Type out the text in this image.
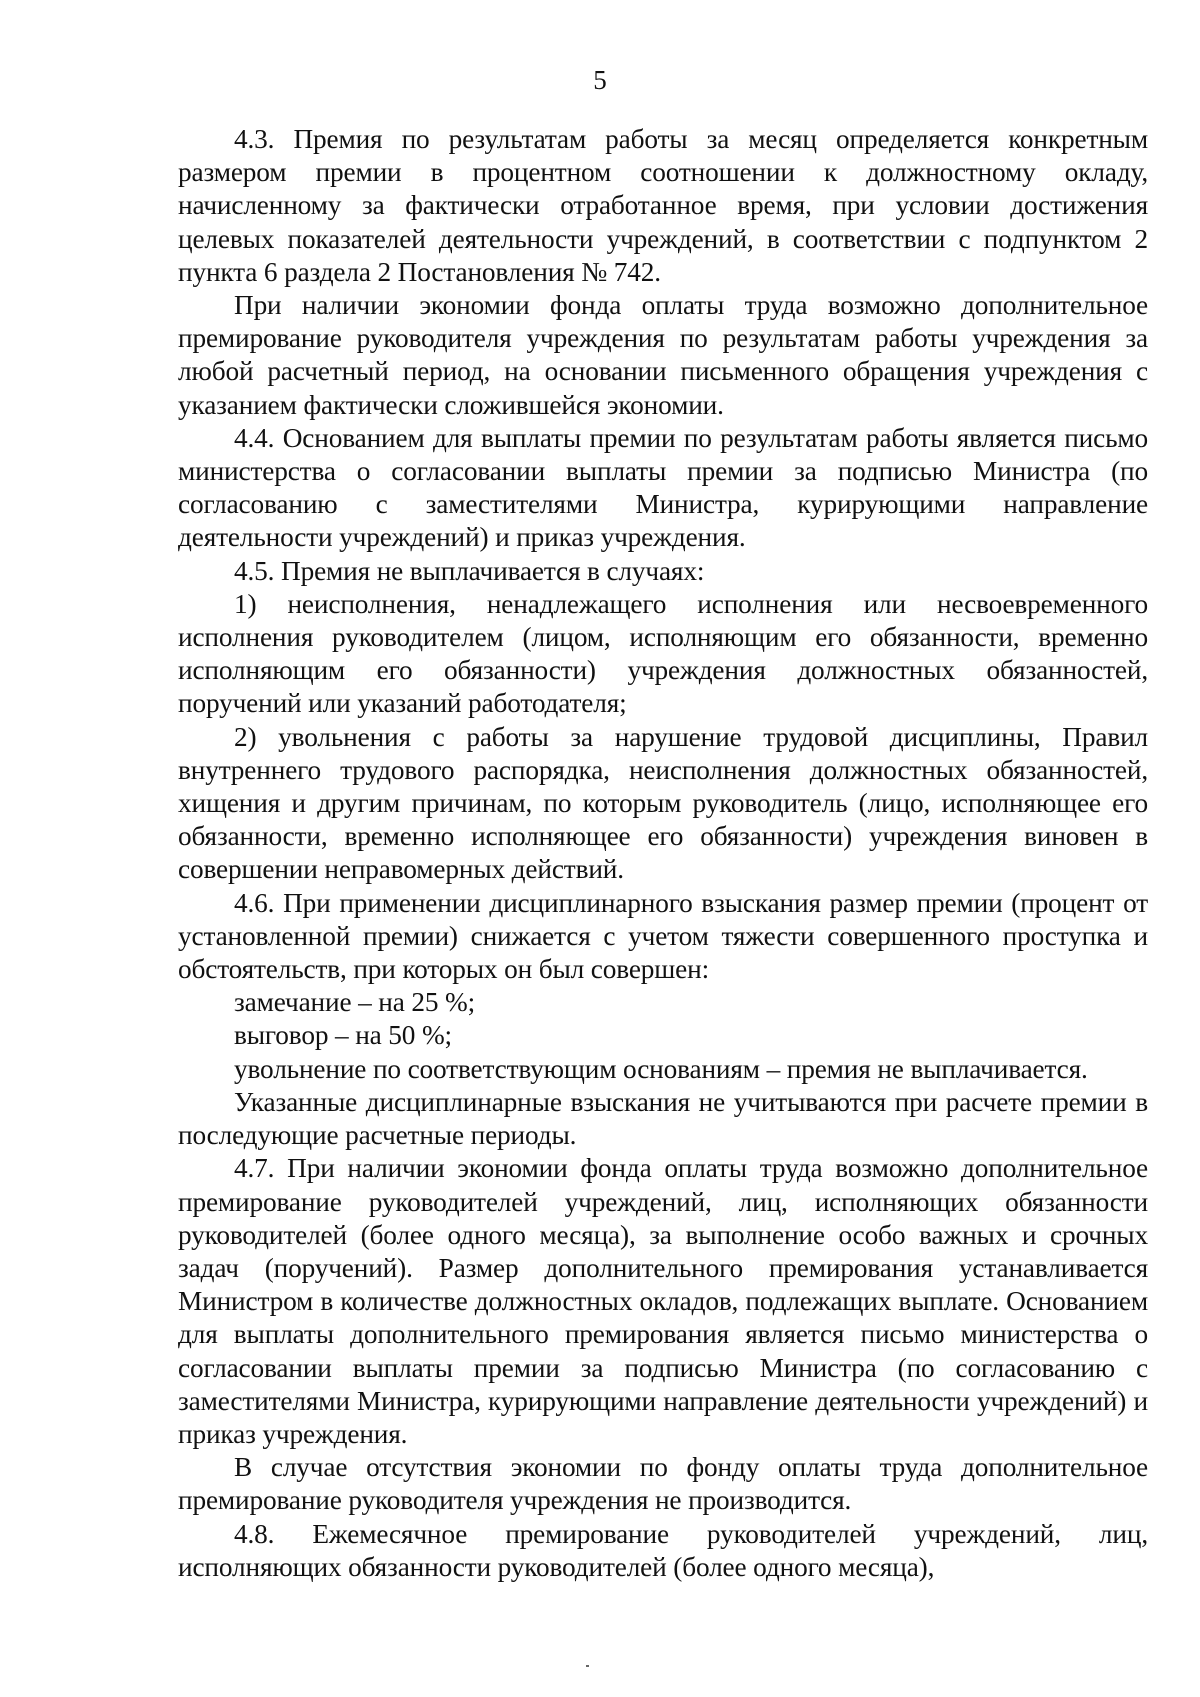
5

4.3. Премия по результатам работы за месяц определяется конкретным размером премии в процентном соотношении к должностному окладу, начисленному за фактически отработанное время, при условии достижения целевых показателей деятельности учреждений, в соответствии с подпунктом 2 пункта 6 раздела 2 Постановления № 742.

При наличии экономии фонда оплаты труда возможно дополнительное премирование руководителя учреждения по результатам работы учреждения за любой расчетный период, на основании письменного обращения учреждения с указанием фактически сложившейся экономии.

4.4. Основанием для выплаты премии по результатам работы является письмо министерства о согласовании выплаты премии за подписью Министра (по согласованию с заместителями Министра, курирующими направление деятельности учреждений) и приказ учреждения.

4.5. Премия не выплачивается в случаях:

1) неисполнения, ненадлежащего исполнения или несвоевременного исполнения руководителем (лицом, исполняющим его обязанности, временно исполняющим его обязанности) учреждения должностных обязанностей, поручений или указаний работодателя;

2) увольнения с работы за нарушение трудовой дисциплины, Правил внутреннего трудового распорядка, неисполнения должностных обязанностей, хищения и другим причинам, по которым руководитель (лицо, исполняющее его обязанности, временно исполняющее его обязанности) учреждения виновен в совершении неправомерных действий.

4.6. При применении дисциплинарного взыскания размер премии (процент от установленной премии) снижается с учетом тяжести совершенного проступка и обстоятельств, при которых он был совершен:

замечание – на 25 %;

выговор – на 50 %;

увольнение по соответствующим основаниям – премия не выплачивается.

Указанные дисциплинарные взыскания не учитываются при расчете премии в последующие расчетные периоды.

4.7. При наличии экономии фонда оплаты труда возможно дополнительное премирование руководителей учреждений, лиц, исполняющих обязанности руководителей (более одного месяца), за выполнение особо важных и срочных задач (поручений). Размер дополнительного премирования устанавливается Министром в количестве должностных окладов, подлежащих выплате. Основанием для выплаты дополнительного премирования является письмо министерства о согласовании выплаты премии за подписью Министра (по согласованию с заместителями Министра, курирующими направление деятельности учреждений) и приказ учреждения.

В случае отсутствия экономии по фонду оплаты труда дополнительное премирование руководителя учреждения не производится.

4.8. Ежемесячное премирование руководителей учреждений, лиц, исполняющих обязанности руководителей (более одного месяца),
